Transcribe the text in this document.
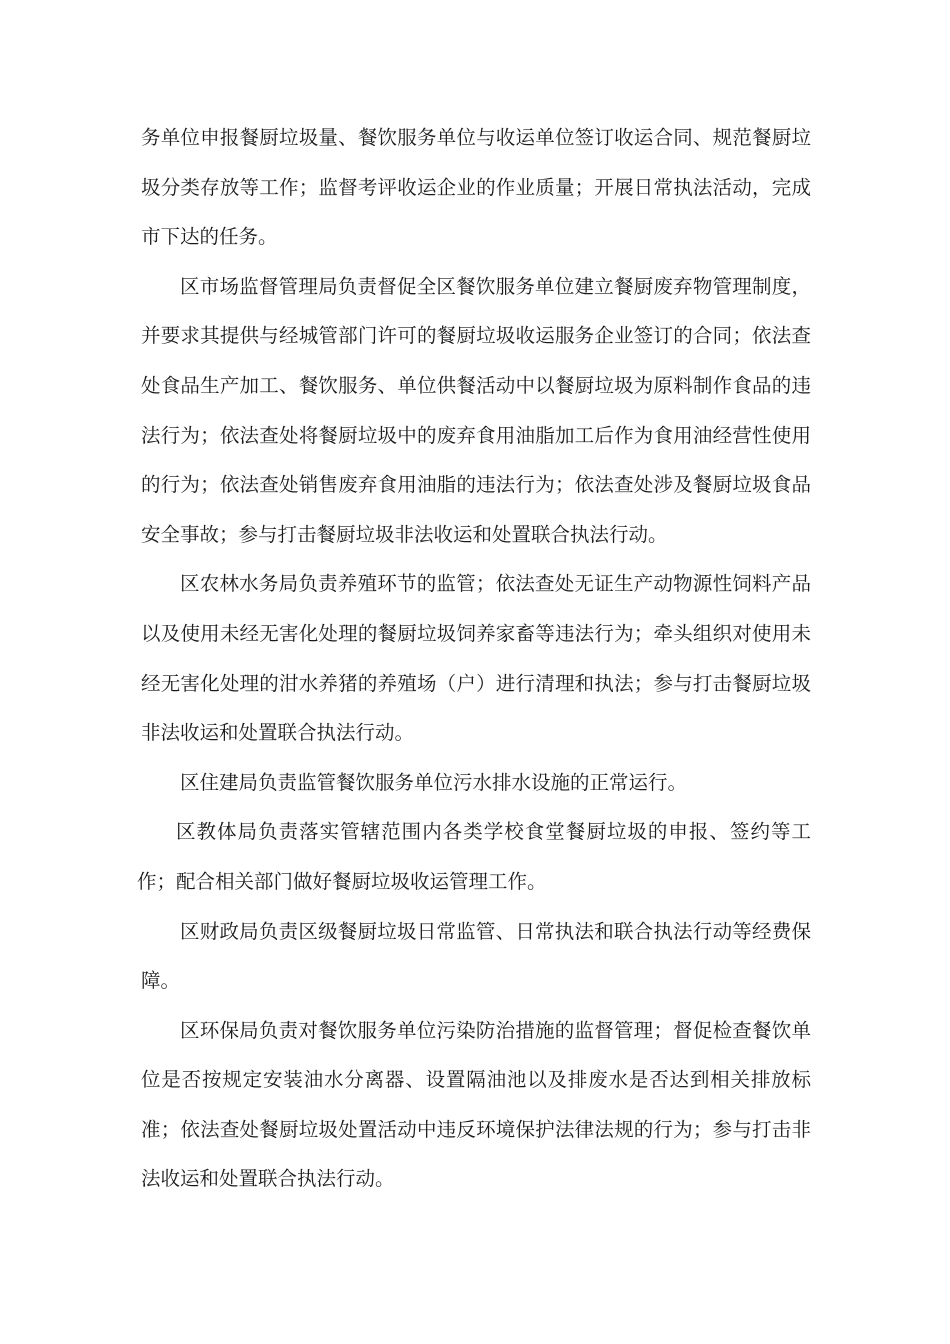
务单位申报餐厨垃圾量、餐饮服务单位与收运单位签订收运合同、规范餐厨垃圾分类存放等工作；监督考评收运企业的作业质量；开展日常执法活动，完成市下达的任务。

区市场监督管理局负责督促全区餐饮服务单位建立餐厨废弃物管理制度，并要求其提供与经城管部门许可的餐厨垃圾收运服务企业签订的合同；依法查处食品生产加工、餐饮服务、单位供餐活动中以餐厨垃圾为原料制作食品的违法行为；依法查处将餐厨垃圾中的废弃食用油脂加工后作为食用油经营性使用的行为；依法查处销售废弃食用油脂的违法行为；依法查处涉及餐厨垃圾食品安全事故；参与打击餐厨垃圾非法收运和处置联合执法行动。

区农林水务局负责养殖环节的监管；依法查处无证生产动物源性饲料产品以及使用未经无害化处理的餐厨垃圾饲养家畜等违法行为；牵头组织对使用未经无害化处理的泔水养猪的养殖场（户）进行清理和执法；参与打击餐厨垃圾非法收运和处置联合执法行动。

区住建局负责监管餐饮服务单位污水排水设施的正常运行。

区教体局负责落实管辖范围内各类学校食堂餐厨垃圾的申报、签约等工作；配合相关部门做好餐厨垃圾收运管理工作。

区财政局负责区级餐厨垃圾日常监管、日常执法和联合执法行动等经费保障。

区环保局负责对餐饮服务单位污染防治措施的监督管理；督促检查餐饮单位是否按规定安装油水分离器、设置隔油池以及排废水是否达到相关排放标准；依法查处餐厨垃圾处置活动中违反环境保护法律法规的行为；参与打击非法收运和处置联合执法行动。
